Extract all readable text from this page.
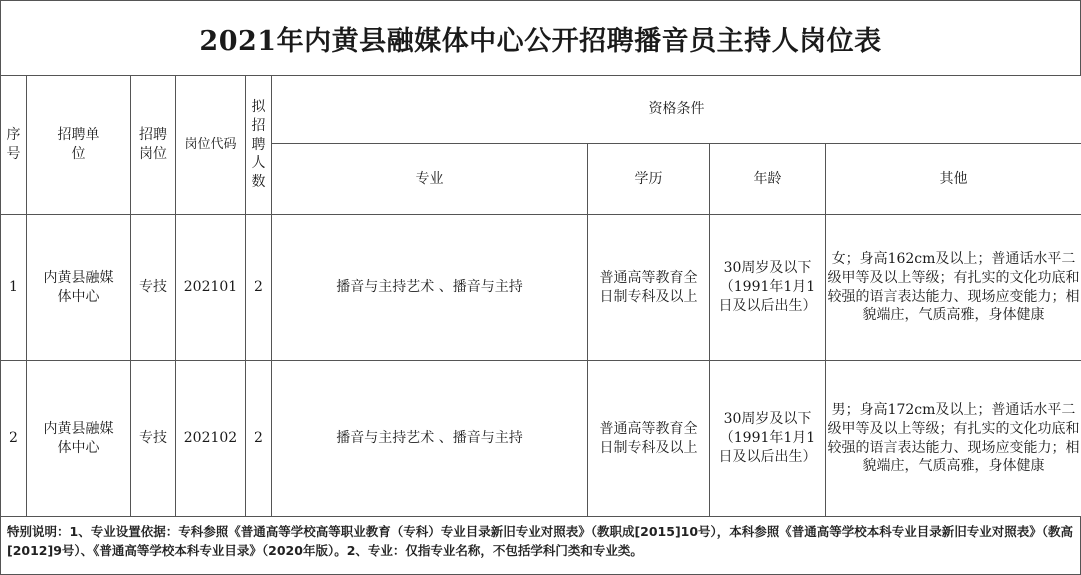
2021年内黄县融媒体中心公开招聘播音员主持人岗位表
序号	招聘单位	招聘岗位	岗位代码	拟招聘人数	资格条件			
					专业	学历	年龄	其他
1	内黄县融媒体中心	专技	202101	2	播音与主持艺术 、播音与主持	普通高等教育全日制专科及以上	30周岁及以下（1991年1月1日及以后出生）	女；身高162cm及以上；普通话水平二级甲等及以上等级；有扎实的文化功底和较强的语言表达能力、现场应变能力；相貌端庄，气质高雅，身体健康
2	内黄县融媒体中心	专技	202102	2	播音与主持艺术 、播音与主持	普通高等教育全日制专科及以上	30周岁及以下（1991年1月1日及以后出生）	男；身高172cm及以上；普通话水平二级甲等及以上等级；有扎实的文化功底和较强的语言表达能力、现场应变能力；相貌端庄，气质高雅，身体健康
特别说明：1、专业设置依据：专科参照《普通高等学校高等职业教育（专科）专业目录新旧专业对照表》（教职成[2015]10号），本科参照《普通高等学校本科专业目录新旧专业对照表》（教高[2012]9号）、《普通高等学校本科专业目录》（2020年版）。2、专业：仅指专业名称，不包括学科门类和专业类。
